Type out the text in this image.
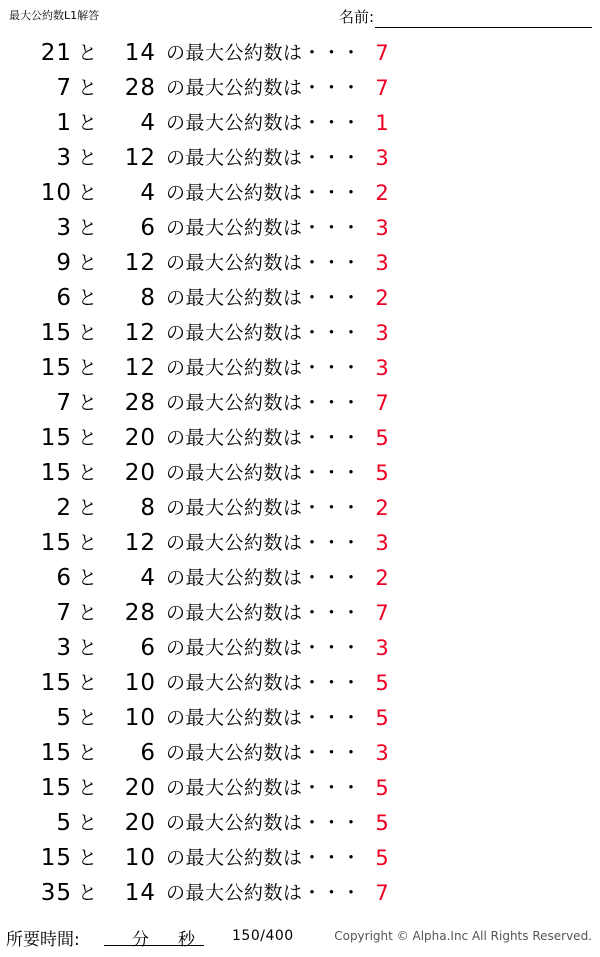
最大公約数L1解答	名前:
21 と	14 の最大公約数は・・・ 7
7 と	28 の最大公約数は・・・ 7
1 と	4 の最大公約数は・・・ 1
3 と	12 の最大公約数は・・・ 3
10 と	4 の最大公約数は・・・ 2
3 と	6 の最大公約数は・・・ 3
9 と	12 の最大公約数は・・・ 3
6 と	8 の最大公約数は・・・ 2
15 と	12 の最大公約数は・・・ 3
15 と	12 の最大公約数は・・・ 3
7 と	28 の最大公約数は・・・ 7
15 と	20 の最大公約数は・・・ 5
15 と	20 の最大公約数は・・・ 5
2 と	8 の最大公約数は・・・ 2
15 と	12 の最大公約数は・・・ 3
6 と	4 の最大公約数は・・・ 2
7 と	28 の最大公約数は・・・ 7
3 と	6 の最大公約数は・・・ 3
15 と	10 の最大公約数は・・・ 5
5 と	10 の最大公約数は・・・ 5
15 と	6 の最大公約数は・・・ 3
15 と	20 の最大公約数は・・・ 5
5 と	20 の最大公約数は・・・ 5
15 と	10 の最大公約数は・・・ 5
35 と	14 の最大公約数は・・・ 7
所要時間:	分 秒	150/400	Copyright © Alpha.Inc All Rights Reserved.
